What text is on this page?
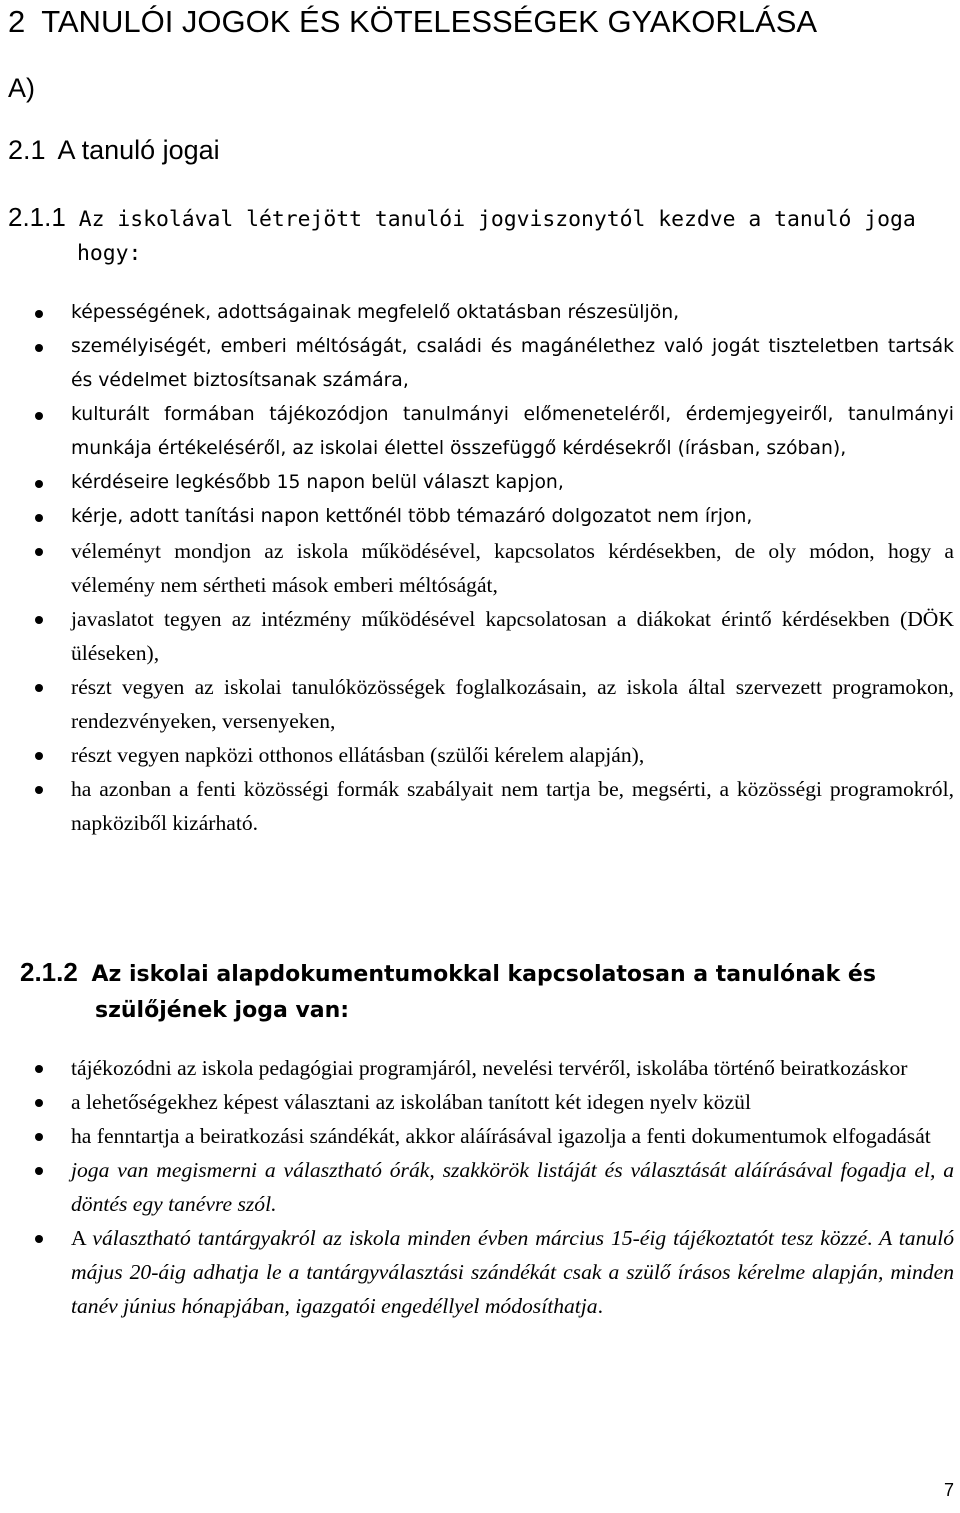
2 TANULÓI JOGOK ÉS KÖTELESSÉGEK GYAKORLÁSA
A)
2.1 A tanuló jogai
2.1.1 Az iskolával létrejött tanulói jogviszonytól kezdve a tanuló joga
hogy:
képességének, adottságainak megfelelő oktatásban részesüljön,
személyiségét, emberi méltóságát, családi és magánélethez való jogát tiszteletben tartsák és védelmet biztosítsanak számára,
kulturált formában tájékozódjon tanulmányi előmeneteléről, érdemjegyeiről, tanulmányi munkája értékeléséről, az iskolai élettel összefüggő kérdésekről (írásban, szóban),
kérdéseire legkésőbb 15 napon belül választ kapjon,
kérje, adott tanítási napon kettőnél több témazáró dolgozatot nem írjon,
véleményt mondjon az iskola működésével, kapcsolatos kérdésekben, de oly módon, hogy a vélemény nem sértheti mások emberi méltóságát,
javaslatot tegyen az intézmény működésével kapcsolatosan a diákokat érintő kérdésekben (DÖK üléseken),
részt vegyen az iskolai tanulóközösségek foglalkozásain, az iskola által szervezett programokon, rendezvényeken, versenyeken,
részt vegyen napközi otthonos ellátásban (szülői kérelem alapján),
ha azonban a fenti közösségi formák szabályait nem tartja be, megsérti, a közösségi programokról, napköziből kizárható.
2.1.2 Az iskolai alapdokumentumokkal kapcsolatosan a tanulónak és
szülőjének joga van:
tájékozódni az iskola pedagógiai programjáról, nevelési tervéről, iskolába történő beiratkozáskor
a lehetőségekhez képest választani az iskolában tanított két idegen nyelv közül
ha fenntartja a beiratkozási szándékát, akkor aláírásával igazolja a fenti dokumentumok elfogadását
joga van megismerni a választható órák, szakkörök listáját és választását aláírásával fogadja el, a döntés egy tanévre szól.
A választható tantárgyakról az iskola minden évben március 15-éig tájékoztatót tesz közzé. A tanuló május 20-áig adhatja le a tantárgyválasztási szándékát csak a szülő írásos kérelme alapján, minden tanév június hónapjában, igazgatói engedéllyel módosíthatja.
7
